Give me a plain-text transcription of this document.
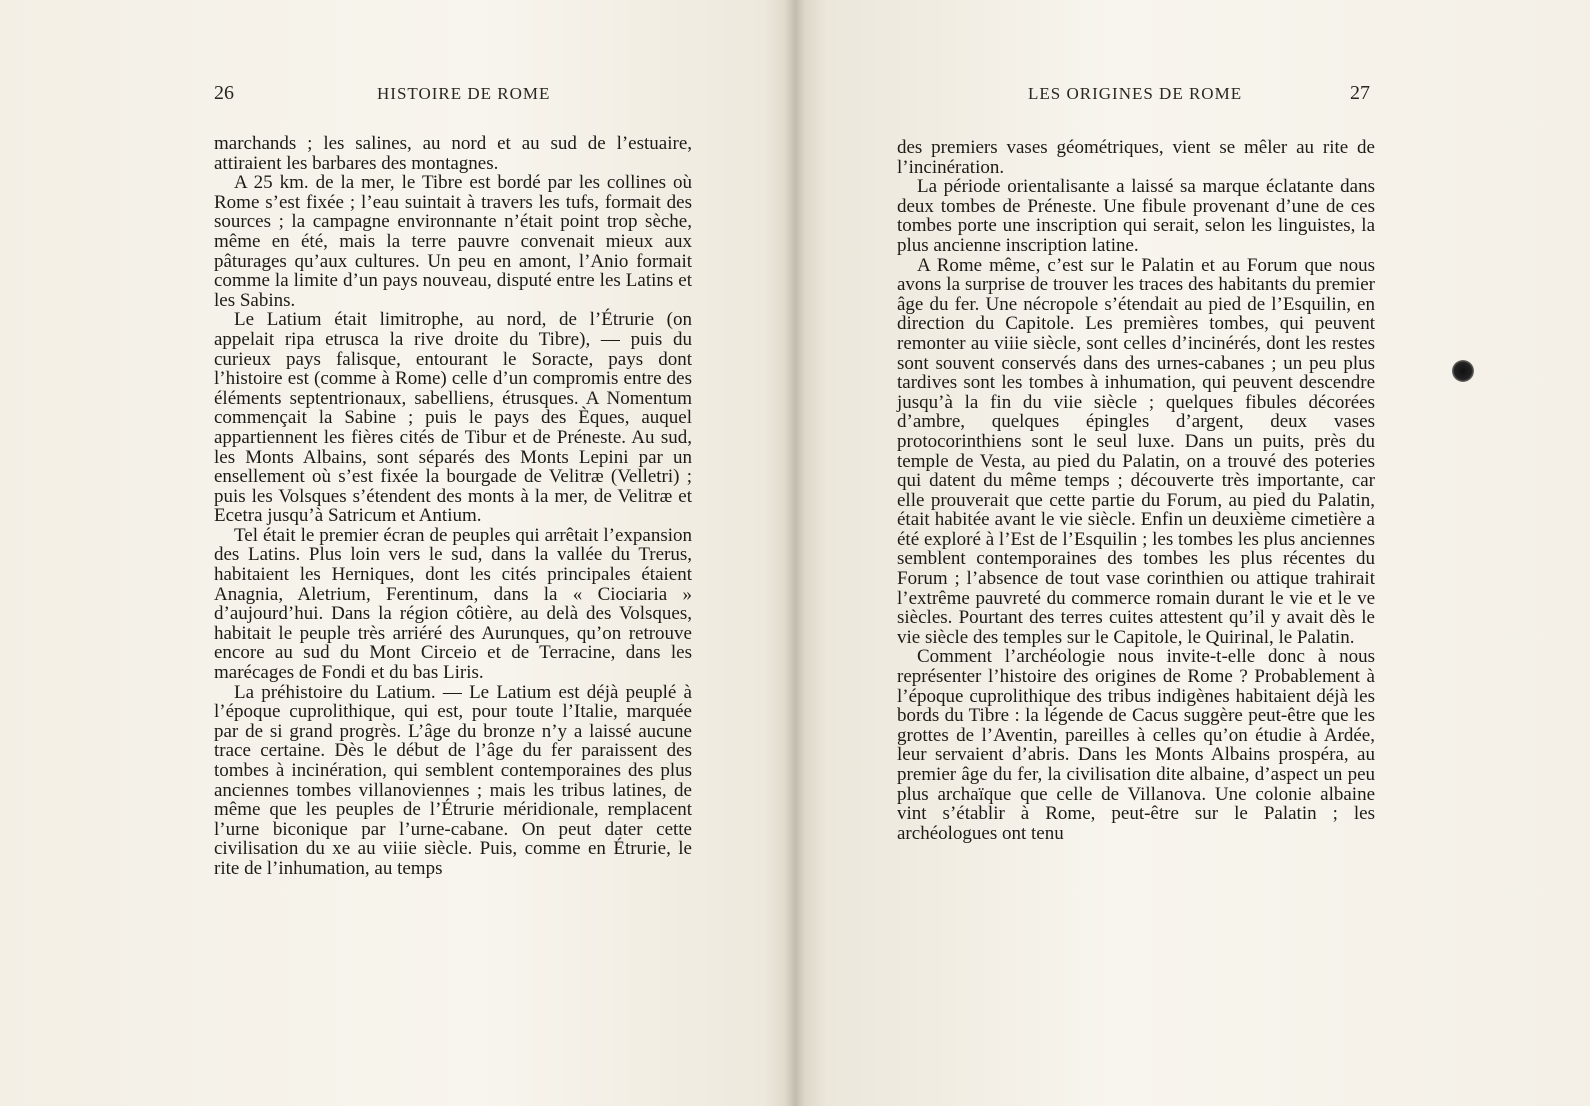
26	HISTOIRE DE ROME

marchands ; les salines, au nord et au sud de l’estuaire, attiraient les barbares des montagnes.

A 25 km. de la mer, le Tibre est bordé par les collines où Rome s’est fixée ; l’eau suintait à travers les tufs, formait des sources ; la campagne environnante n’était point trop sèche, même en été, mais la terre pauvre convenait mieux aux pâturages qu’aux cultures. Un peu en amont, l’Anio formait comme la limite d’un pays nouveau, disputé entre les Latins et les Sabins.

Le Latium était limitrophe, au nord, de l’Étrurie (on appelait ripa etrusca la rive droite du Tibre), — puis du curieux pays falisque, entourant le Soracte, pays dont l’histoire est (comme à Rome) celle d’un compromis entre des éléments septentrionaux, sabelliens, étrusques. A Nomentum commençait la Sabine ; puis le pays des Èques, auquel appartiennent les fières cités de Tibur et de Préneste. Au sud, les Monts Albains, sont séparés des Monts Lepini par un ensellement où s’est fixée la bourgade de Velitræ (Velletri) ; puis les Volsques s’étendent des monts à la mer, de Velitræ et Ecetra jusqu’à Satricum et Antium.

Tel était le premier écran de peuples qui arrêtait l’expansion des Latins. Plus loin vers le sud, dans la vallée du Trerus, habitaient les Herniques, dont les cités principales étaient Anagnia, Aletrium, Ferentinum, dans la « Ciociaria » d’aujourd’hui. Dans la région côtière, au delà des Volsques, habitait le peuple très arriéré des Aurunques, qu’on retrouve encore au sud du Mont Circeio et de Terracine, dans les marécages de Fondi et du bas Liris.

La préhistoire du Latium. — Le Latium est déjà peuplé à l’époque cuprolithique, qui est, pour toute l’Italie, marquée par de si grand progrès. L’âge du bronze n’y a laissé aucune trace certaine. Dès le début de l’âge du fer paraissent des tombes à incinération, qui semblent contemporaines des plus anciennes tombes villanoviennes ; mais les tribus latines, de même que les peuples de l’Étrurie méridionale, remplacent l’urne biconique par l’urne-cabane. On peut dater cette civilisation du xe au viiie siècle. Puis, comme en Étrurie, le rite de l’inhumation, au temps

LES ORIGINES DE ROME	27

des premiers vases géométriques, vient se mêler au rite de l’incinération.

La période orientalisante a laissé sa marque éclatante dans deux tombes de Préneste. Une fibule provenant d’une de ces tombes porte une inscription qui serait, selon les linguistes, la plus ancienne inscription latine.

A Rome même, c’est sur le Palatin et au Forum que nous avons la surprise de trouver les traces des habitants du premier âge du fer. Une nécropole s’étendait au pied de l’Esquilin, en direction du Capitole. Les premières tombes, qui peuvent remonter au viiie siècle, sont celles d’incinérés, dont les restes sont souvent conservés dans des urnes-cabanes ; un peu plus tardives sont les tombes à inhumation, qui peuvent descendre jusqu’à la fin du viie siècle ; quelques fibules décorées d’ambre, quelques épingles d’argent, deux vases protocorinthiens sont le seul luxe. Dans un puits, près du temple de Vesta, au pied du Palatin, on a trouvé des poteries qui datent du même temps ; découverte très importante, car elle prouverait que cette partie du Forum, au pied du Palatin, était habitée avant le vie siècle. Enfin un deuxième cimetière a été exploré à l’Est de l’Esquilin ; les tombes les plus anciennes semblent contemporaines des tombes les plus récentes du Forum ; l’absence de tout vase corinthien ou attique trahirait l’extrême pauvreté du commerce romain durant le vie et le ve siècles. Pourtant des terres cuites attestent qu’il y avait dès le vie siècle des temples sur le Capitole, le Quirinal, le Palatin.

Comment l’archéologie nous invite-t-elle donc à nous représenter l’histoire des origines de Rome ? Probablement à l’époque cuprolithique des tribus indigènes habitaient déjà les bords du Tibre : la légende de Cacus suggère peut-être que les grottes de l’Aventin, pareilles à celles qu’on étudie à Ardée, leur servaient d’abris. Dans les Monts Albains prospéra, au premier âge du fer, la civilisation dite albaine, d’aspect un peu plus archaïque que celle de Villanova. Une colonie albaine vint s’établir à Rome, peut-être sur le Palatin ; les archéologues ont tenu
